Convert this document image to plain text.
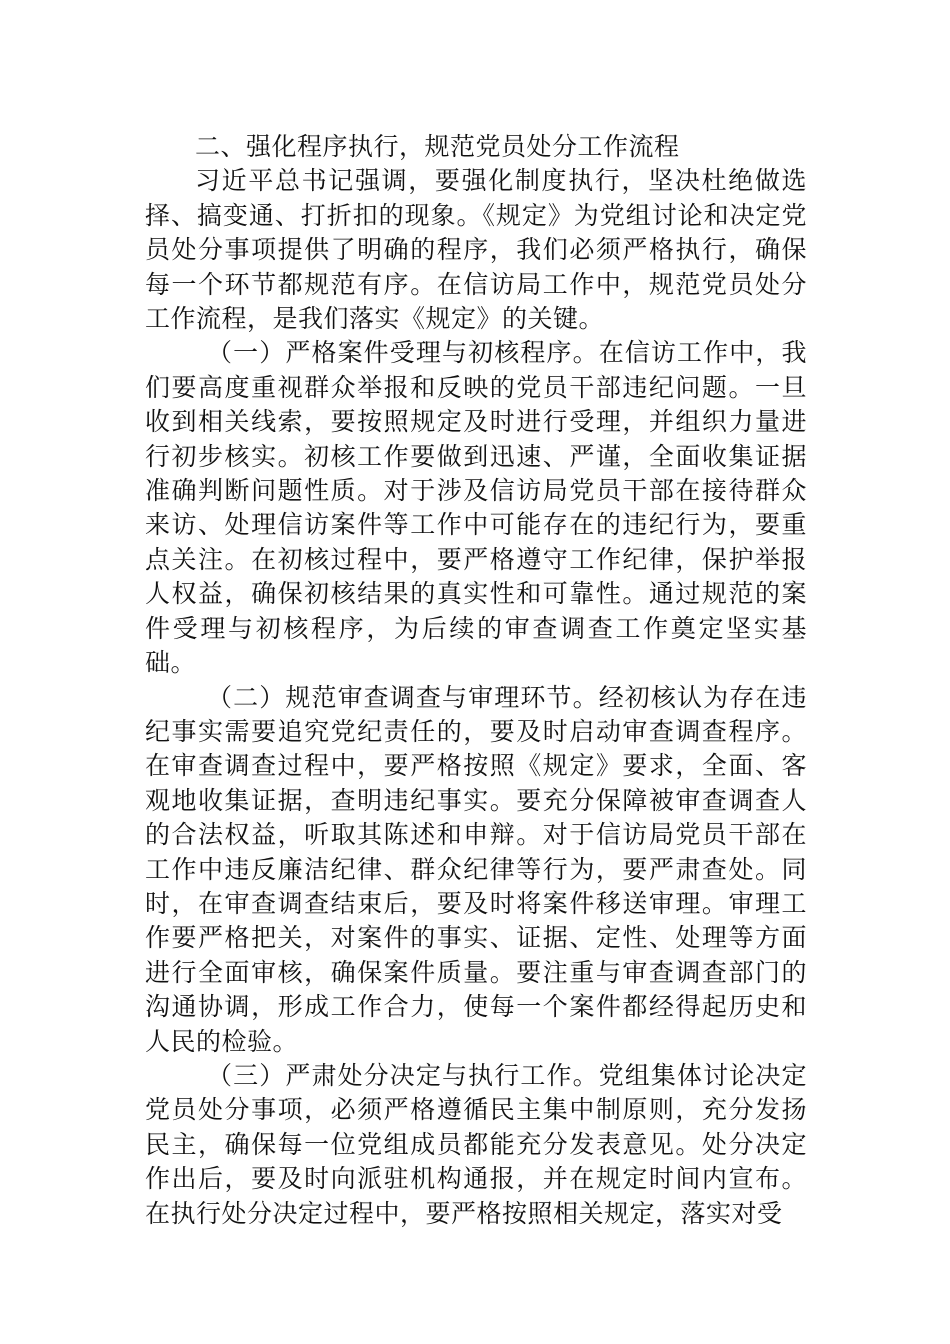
二、强化程序执行，规范党员处分工作流程

习近平总书记强调，要强化制度执行，坚决杜绝做选择、搞变通、打折扣的现象。《规定》为党组讨论和决定党员处分事项提供了明确的程序，我们必须严格执行，确保每一个环节都规范有序。在信访局工作中，规范党员处分工作流程，是我们落实《规定》的关键。

（一）严格案件受理与初核程序。在信访工作中，我们要高度重视群众举报和反映的党员干部违纪问题。一旦收到相关线索，要按照规定及时进行受理，并组织力量进行初步核实。初核工作要做到迅速、严谨，全面收集证据准确判断问题性质。对于涉及信访局党员干部在接待群众来访、处理信访案件等工作中可能存在的违纪行为，要重点关注。在初核过程中，要严格遵守工作纪律，保护举报人权益，确保初核结果的真实性和可靠性。通过规范的案件受理与初核程序，为后续的审查调查工作奠定坚实基础。

（二）规范审查调查与审理环节。经初核认为存在违纪事实需要追究党纪责任的，要及时启动审查调查程序。在审查调查过程中，要严格按照《规定》要求，全面、客观地收集证据，查明违纪事实。要充分保障被审查调查人的合法权益，听取其陈述和申辩。对于信访局党员干部在工作中违反廉洁纪律、群众纪律等行为，要严肃查处。同时，在审查调查结束后，要及时将案件移送审理。审理工作要严格把关，对案件的事实、证据、定性、处理等方面进行全面审核，确保案件质量。要注重与审查调查部门的沟通协调，形成工作合力，使每一个案件都经得起历史和人民的检验。

（三）严肃处分决定与执行工作。党组集体讨论决定党员处分事项，必须严格遵循民主集中制原则，充分发扬民主，确保每一位党组成员都能充分发表意见。处分决定作出后，要及时向派驻机构通报，并在规定时间内宣布。在执行处分决定过程中，要严格按照相关规定，落实对受
